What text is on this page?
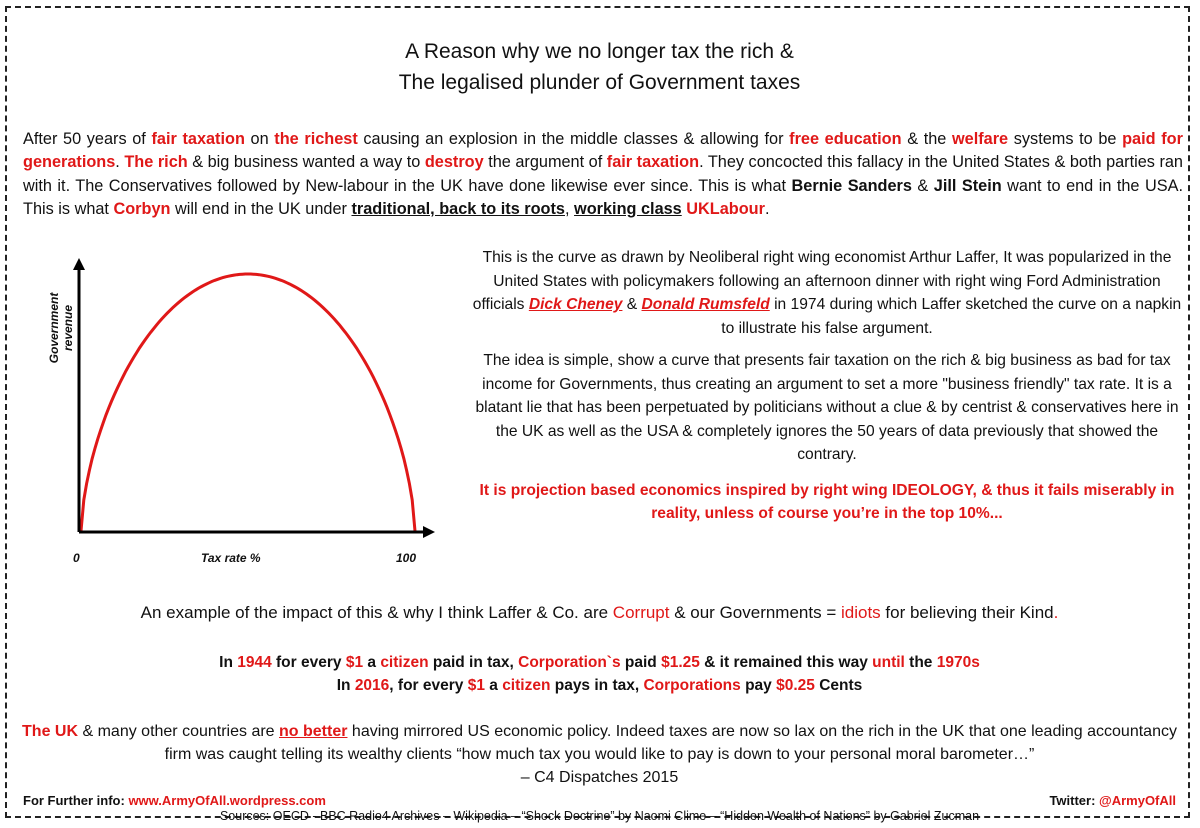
A Reason why we no longer tax the rich &
The legalised plunder of Government taxes
After 50 years of fair taxation on the richest causing an explosion in the middle classes & allowing for free education & the welfare systems to be paid for generations. The rich & big business wanted a way to destroy the argument of fair taxation. They concocted this fallacy in the United States & both parties ran with it. The Conservatives followed by New-labour in the UK have done likewise ever since. This is what Bernie Sanders & Jill Stein want to end in the USA. This is what Corbyn will end in the UK under traditional, back to its roots, working class UKLabour.
Government revenue
0	Tax rate %	100

This is the curve as drawn by Neoliberal right wing economist Arthur Laffer, It was popularized in the United States with policymakers following an afternoon dinner with right wing Ford Administration officials Dick Cheney & Donald Rumsfeld in 1974 during which Laffer sketched the curve on a napkin to illustrate his false argument.

The idea is simple, show a curve that presents fair taxation on the rich & big business as bad for tax income for Governments, thus creating an argument to set a more "business friendly" tax rate. It is a blatant lie that has been perpetuated by politicians without a clue & by centrist & conservatives here in the UK as well as the USA & completely ignores the 50 years of data previously that showed the contrary.

It is projection based economics inspired by right wing IDEOLOGY, & thus it fails miserably in reality, unless of course you’re in the top 10%...

An example of the impact of this & why I think Laffer & Co. are Corrupt & our Governments = idiots for believing their Kind.
In 1944 for every $1 a citizen paid in tax, Corporation`s paid $1.25 & it remained this way until the 1970s
In 2016, for every $1 a citizen pays in tax, Corporations pay $0.25 Cents
The UK & many other countries are no better having mirrored US economic policy. Indeed taxes are now so lax on the rich in the UK that one leading accountancy firm was caught telling its wealthy clients “how much tax you would like to pay is down to your personal moral barometer…”
– C4 Dispatches 2015
For Further info: www.ArmyOfAll.wordpress.com	Twitter: @ArmyOfAll
Sources: OECD - BBC Radio4 Archives – Wikipedia – “Shock Doctrine” by Naomi Clime – “Hidden Wealth of Nations” by Gabriel Zucman
